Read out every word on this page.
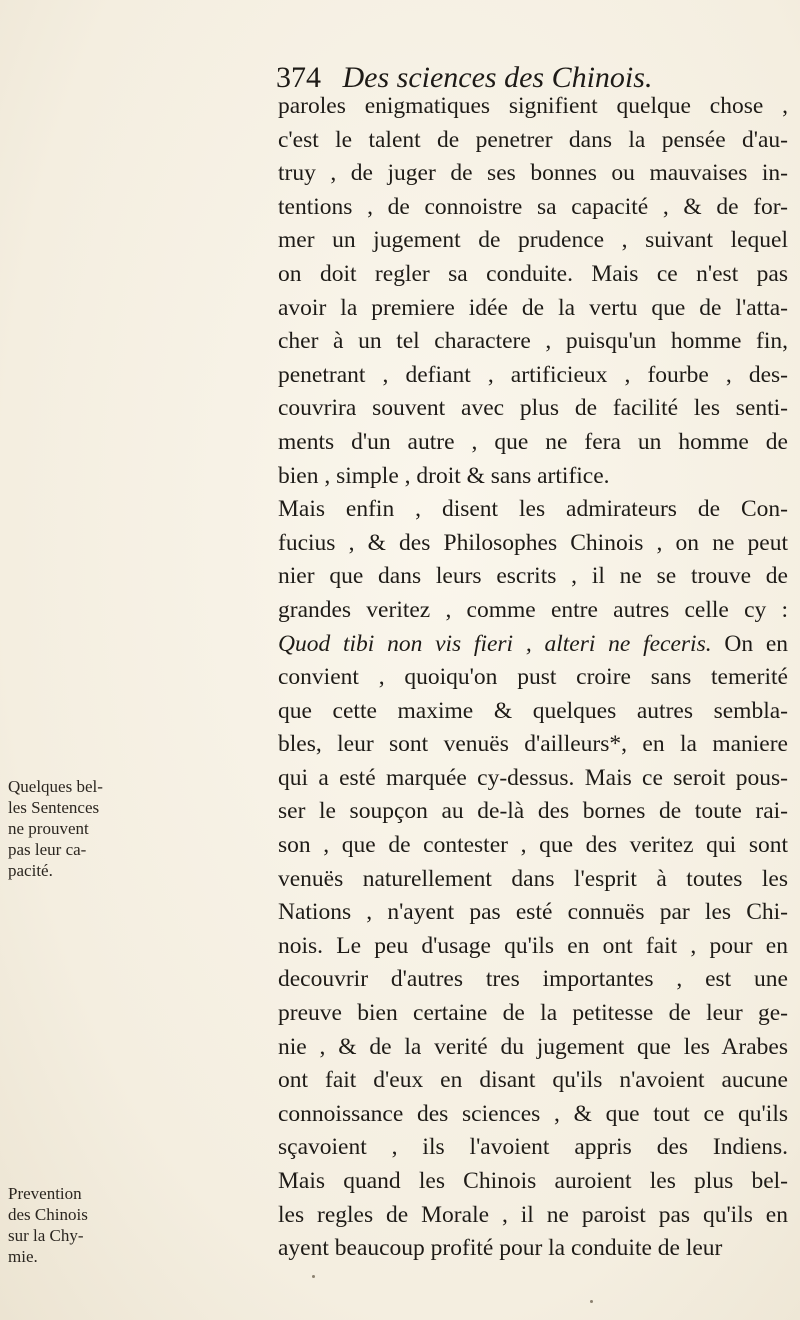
374 Des sciences des Chinois.
paroles enigmatiques signifient quelque chose ,
c'est le talent de penetrer dans la pensée d'au-
truy , de juger de ses bonnes ou mauvaises in-
tentions , de connoistre sa capacité , & de for-
mer un jugement de prudence , suivant lequel
on doit regler sa conduite. Mais ce n'est pas
avoir la premiere idée de la vertu que de l'atta-
cher à un tel charactere , puisqu'un homme fin,
penetrant , defiant , artificieux , fourbe , des-
couvrira souvent avec plus de facilité les senti-
ments d'un autre , que ne fera un homme de
bien , simple , droit & sans artifice.
Mais enfin , disent les admirateurs de Con-
fucius , & des Philosophes Chinois , on ne peut
nier que dans leurs escrits , il ne se trouve de
grandes veritez , comme entre autres celle cy :
Quod tibi non vis fieri , alteri ne feceris. On en
convient , quoiqu'on pust croire sans temerité
que cette maxime & quelques autres sembla-
bles, leur sont venuës d'ailleurs*, en la maniere
qui a esté marquée cy-dessus. Mais ce seroit pous-
ser le soupçon au de-là des bornes de toute rai-
son , que de contester , que des veritez qui sont
venuës naturellement dans l'esprit à toutes les
Nations , n'ayent pas esté connuës par les Chi-
nois. Le peu d'usage qu'ils en ont fait , pour en
decouvrir d'autres tres importantes , est une
preuve bien certaine de la petitesse de leur ge-
nie , & de la verité du jugement que les Arabes
ont fait d'eux en disant qu'ils n'avoient aucune
connoissance des sciences , & que tout ce qu'ils
sçavoient , ils l'avoient appris des Indiens.
Mais quand les Chinois auroient les plus bel-
les regles de Morale , il ne paroist pas qu'ils en
ayent beaucoup profité pour la conduite de leur
Quelques bel-
les Sentences
ne prouvent
pas leur ca-
pacité.
Prevention
des Chinois
sur la Chy-
mie.
